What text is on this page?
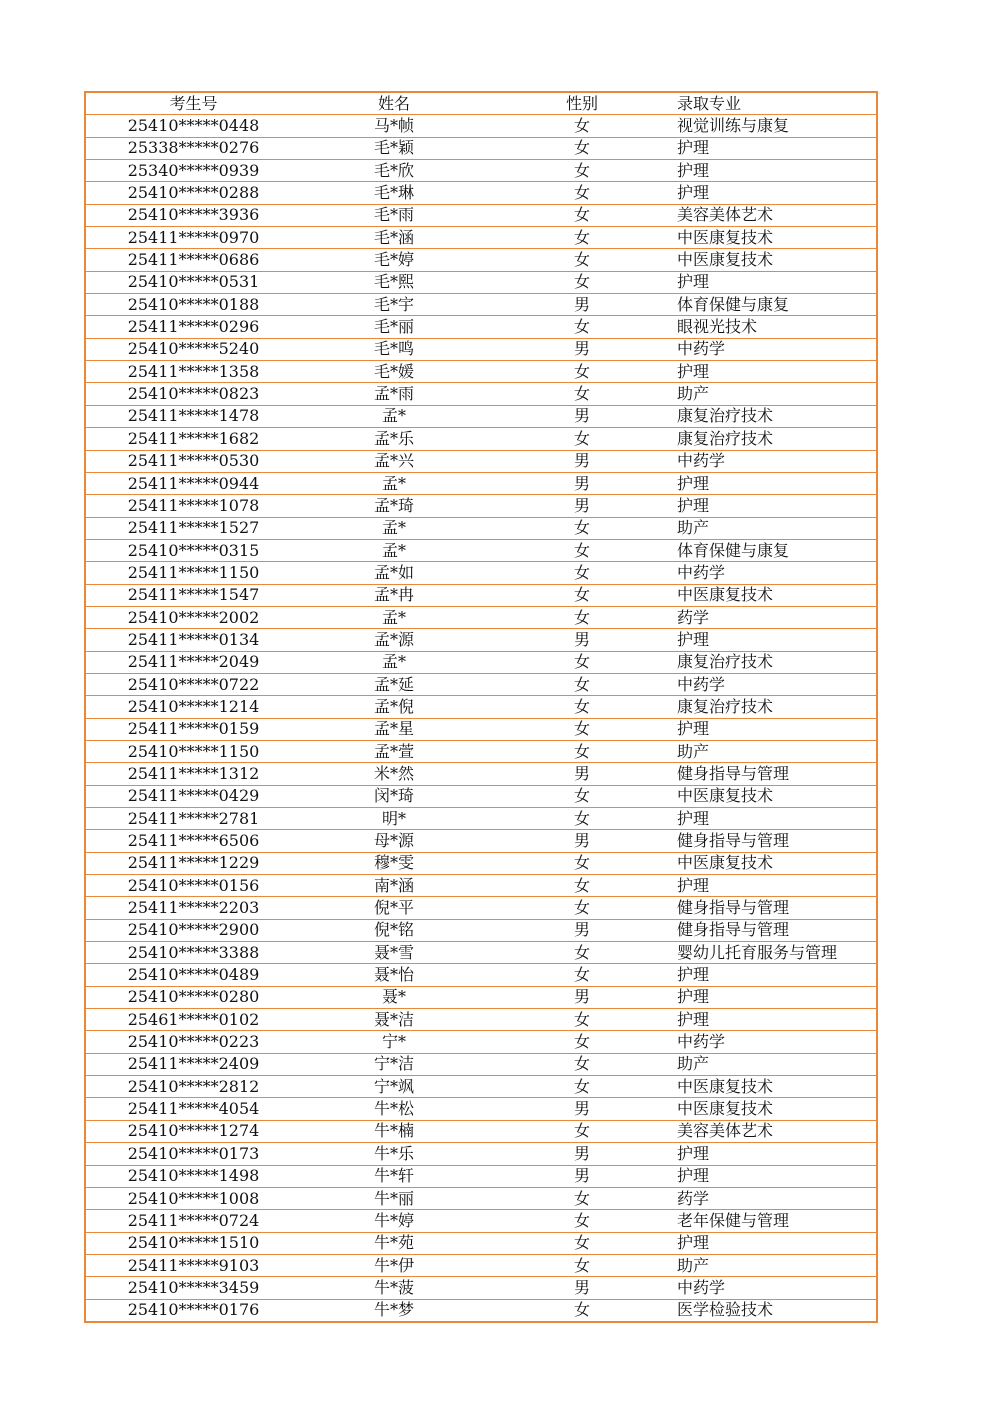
考生号	姓名	性别	录取专业
25410*****0448	马*帧	女	视觉训练与康复
25338*****0276	毛*颖	女	护理
25340*****0939	毛*欣	女	护理
25410*****0288	毛*琳	女	护理
25410*****3936	毛*雨	女	美容美体艺术
25411*****0970	毛*涵	女	中医康复技术
25411*****0686	毛*婷	女	中医康复技术
25410*****0531	毛*熙	女	护理
25410*****0188	毛*宇	男	体育保健与康复
25411*****0296	毛*丽	女	眼视光技术
25410*****5240	毛*鸣	男	中药学
25411*****1358	毛*媛	女	护理
25410*****0823	孟*雨	女	助产
25411*****1478	孟*	男	康复治疗技术
25411*****1682	孟*乐	女	康复治疗技术
25411*****0530	孟*兴	男	中药学
25411*****0944	孟*	男	护理
25411*****1078	孟*琦	男	护理
25411*****1527	孟*	女	助产
25410*****0315	孟*	女	体育保健与康复
25411*****1150	孟*如	女	中药学
25411*****1547	孟*冉	女	中医康复技术
25410*****2002	孟*	女	药学
25411*****0134	孟*源	男	护理
25411*****2049	孟*	女	康复治疗技术
25410*****0722	孟*延	女	中药学
25410*****1214	孟*倪	女	康复治疗技术
25411*****0159	孟*星	女	护理
25410*****1150	孟*萱	女	助产
25411*****1312	米*然	男	健身指导与管理
25411*****0429	闵*琦	女	中医康复技术
25411*****2781	明*	女	护理
25411*****6506	母*源	男	健身指导与管理
25411*****1229	穆*雯	女	中医康复技术
25410*****0156	南*涵	女	护理
25411*****2203	倪*平	女	健身指导与管理
25410*****2900	倪*铭	男	健身指导与管理
25410*****3388	聂*雪	女	婴幼儿托育服务与管理
25410*****0489	聂*怡	女	护理
25410*****0280	聂*	男	护理
25461*****0102	聂*洁	女	护理
25410*****0223	宁*	女	中药学
25411*****2409	宁*洁	女	助产
25410*****2812	宁*飒	女	中医康复技术
25411*****4054	牛*松	男	中医康复技术
25410*****1274	牛*楠	女	美容美体艺术
25410*****0173	牛*乐	男	护理
25410*****1498	牛*轩	男	护理
25410*****1008	牛*丽	女	药学
25411*****0724	牛*婷	女	老年保健与管理
25410*****1510	牛*苑	女	护理
25411*****9103	牛*伊	女	助产
25410*****3459	牛*菠	男	中药学
25410*****0176	牛*梦	女	医学检验技术
